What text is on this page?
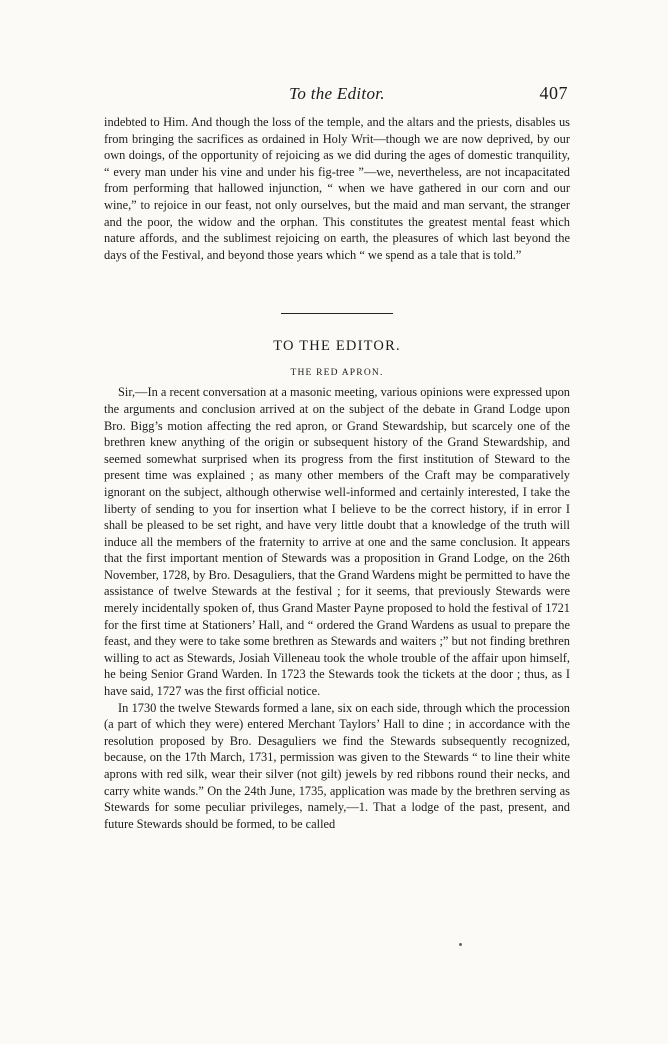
To the Editor.	407

indebted to Him. And though the loss of the temple, and the altars and the priests, disables us from bringing the sacrifices as ordained in Holy Writ—though we are now deprived, by our own doings, of the opportunity of rejoicing as we did during the ages of domestic tranquility, “ every man under his vine and under his fig-tree ”—we, nevertheless, are not incapacitated from performing that hallowed injunction, “ when we have gathered in our corn and our wine,” to rejoice in our feast, not only ourselves, but the maid and man servant, the stranger and the poor, the widow and the orphan. This constitutes the greatest mental feast which nature affords, and the sublimest rejoicing on earth, the pleasures of which last beyond the days of the Festival, and beyond those years which “ we spend as a tale that is told.”

TO THE EDITOR.
THE RED APRON.

Sir,—In a recent conversation at a masonic meeting, various opinions were expressed upon the arguments and conclusion arrived at on the subject of the debate in Grand Lodge upon Bro. Bigg’s motion affecting the red apron, or Grand Stewardship, but scarcely one of the brethren knew anything of the origin or subsequent history of the Grand Stewardship, and seemed somewhat surprised when its progress from the first institution of Steward to the present time was explained ; as many other members of the Craft may be comparatively ignorant on the subject, although otherwise well-informed and certainly interested, I take the liberty of sending to you for insertion what I believe to be the correct history, if in error I shall be pleased to be set right, and have very little doubt that a knowledge of the truth will induce all the members of the fraternity to arrive at one and the same conclusion. It appears that the first important mention of Stewards was a proposition in Grand Lodge, on the 26th November, 1728, by Bro. Desaguliers, that the Grand Wardens might be permitted to have the assistance of twelve Stewards at the festival ; for it seems, that previously Stewards were merely incidentally spoken of, thus Grand Master Payne proposed to hold the festival of 1721 for the first time at Stationers’ Hall, and “ ordered the Grand Wardens as usual to prepare the feast, and they were to take some brethren as Stewards and waiters ;” but not finding brethren willing to act as Stewards, Josiah Villeneau took the whole trouble of the affair upon himself, he being Senior Grand Warden. In 1723 the Stewards took the tickets at the door ; thus, as I have said, 1727 was the first official notice.

In 1730 the twelve Stewards formed a lane, six on each side, through which the procession (a part of which they were) entered Merchant Taylors’ Hall to dine ; in accordance with the resolution proposed by Bro. Desaguliers we find the Stewards subsequently recognized, because, on the 17th March, 1731, permission was given to the Stewards “ to line their white aprons with red silk, wear their silver (not gilt) jewels by red ribbons round their necks, and carry white wands.” On the 24th June, 1735, application was made by the brethren serving as Stewards for some peculiar privileges, namely,—1. That a lodge of the past, present, and future Stewards should be formed, to be called
